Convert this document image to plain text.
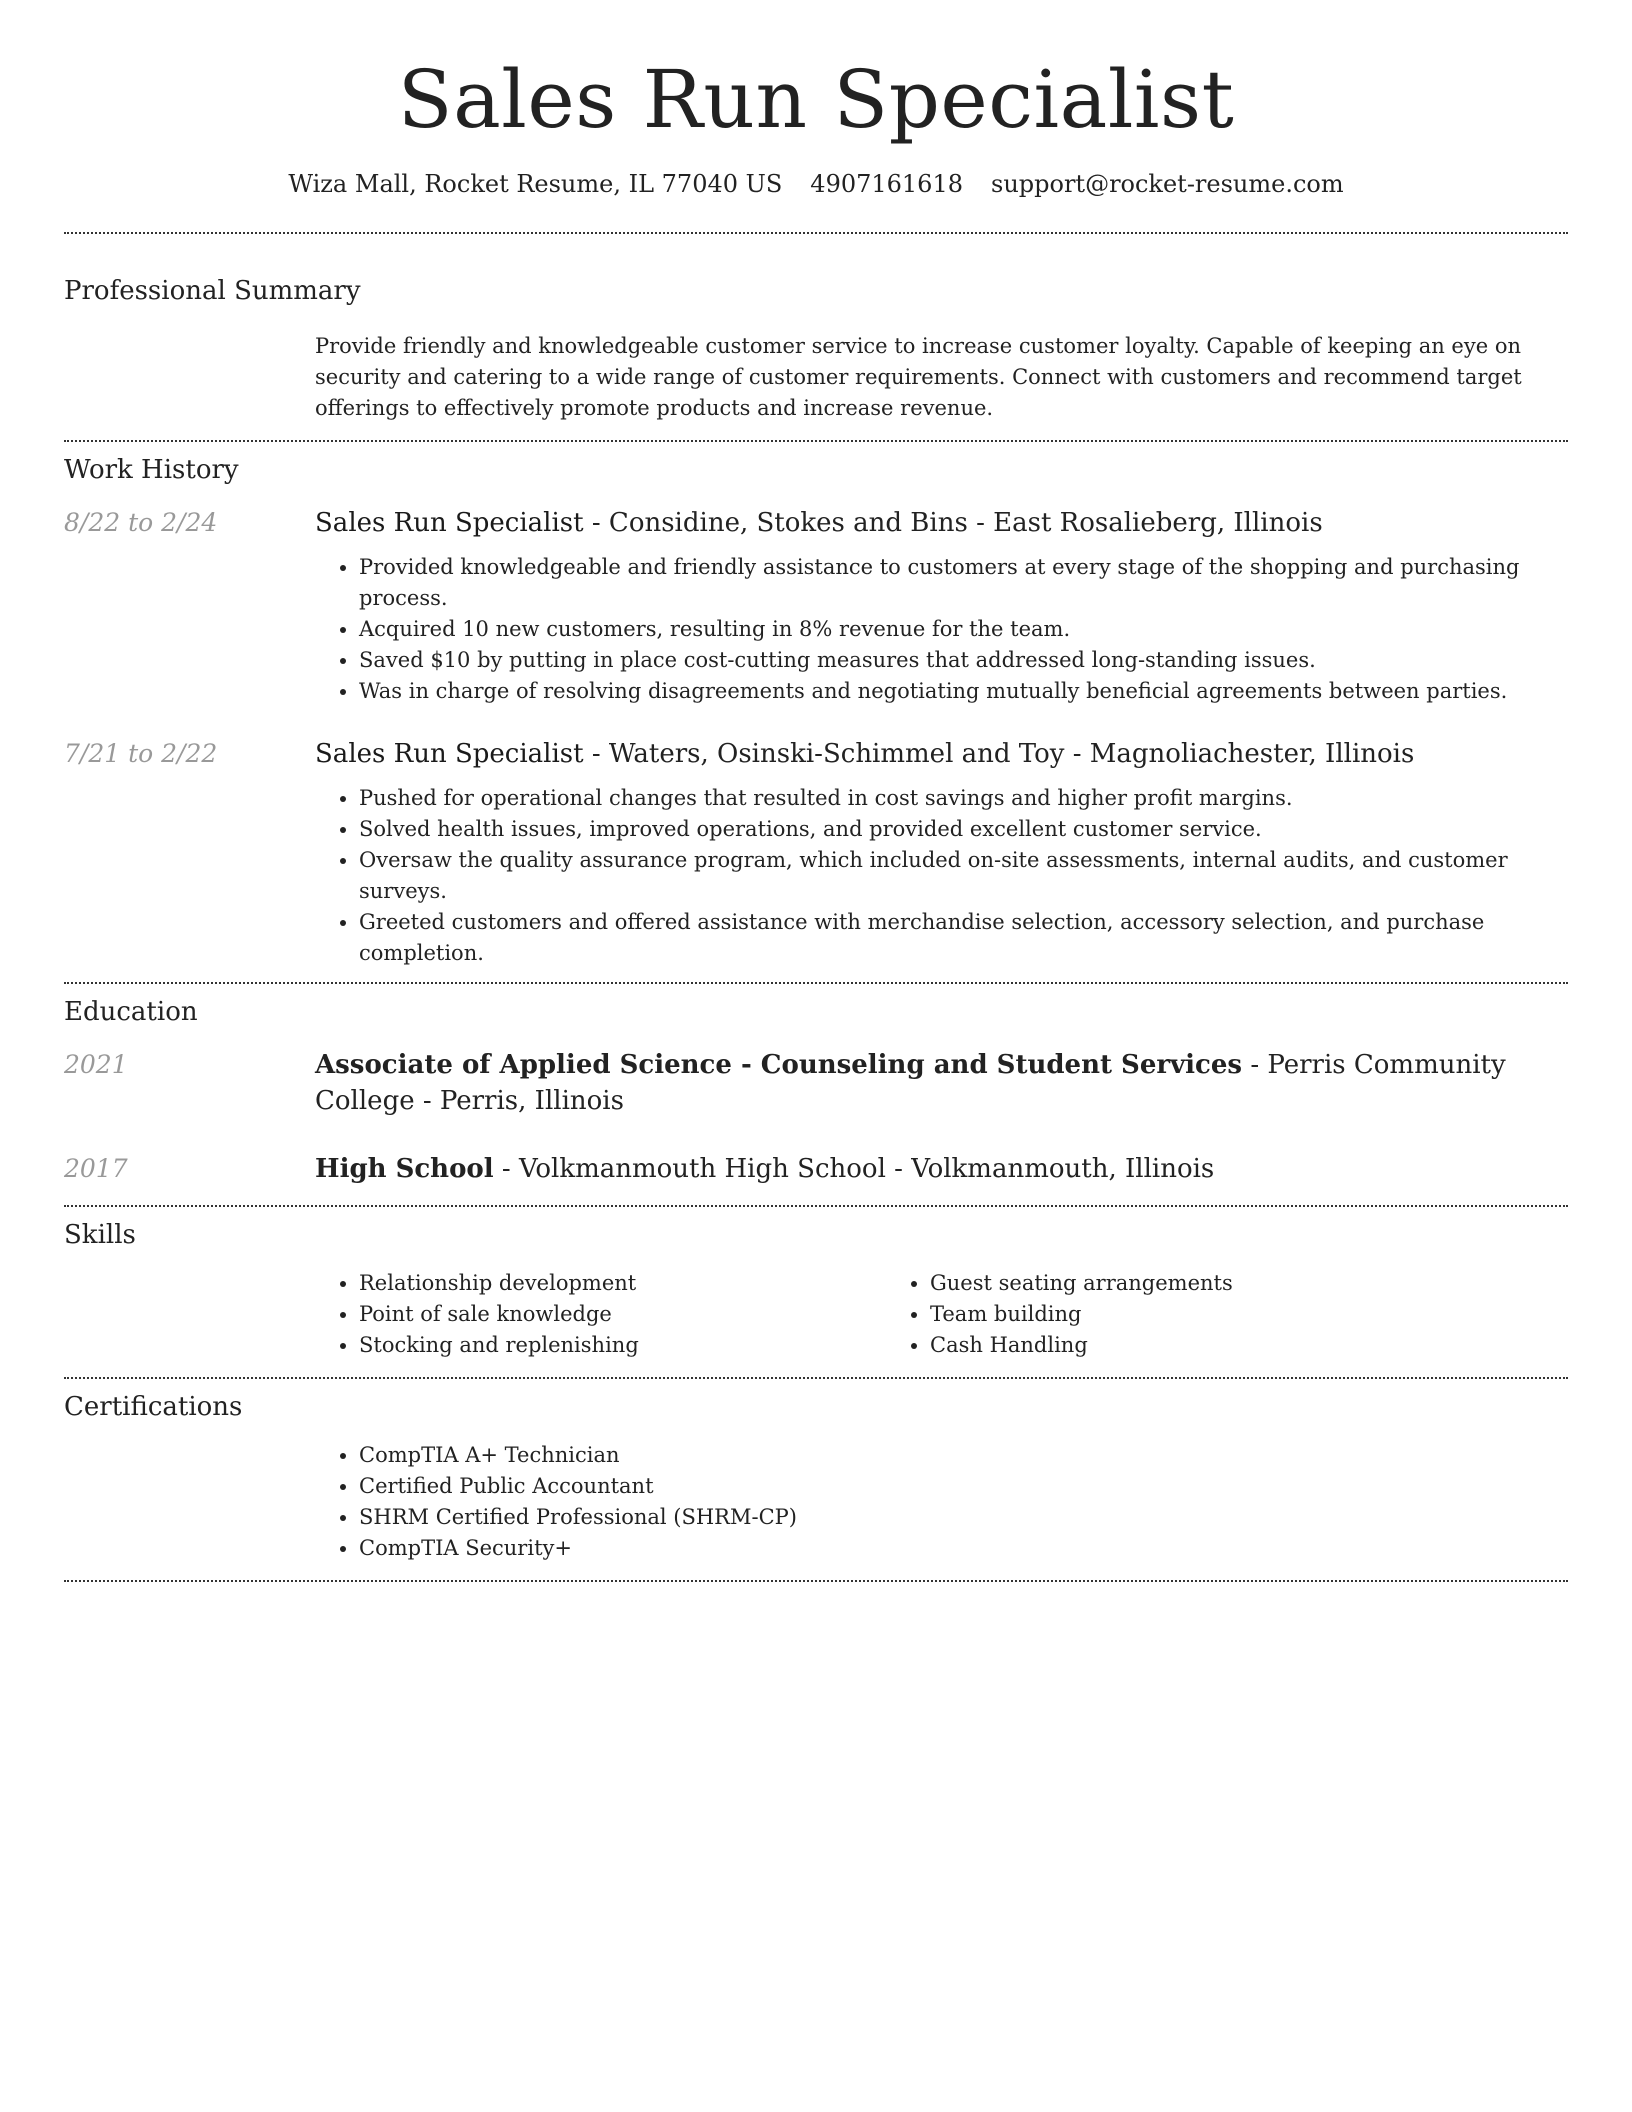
Sales Run Specialist
Wiza Mall, Rocket Resume, IL 77040 US 4907161618 support@rocket-resume.com
Professional Summary

Provide friendly and knowledgeable customer service to increase customer loyalty. Capable of keeping an eye on security and catering to a wide range of customer requirements. Connect with customers and recommend target offerings to effectively promote products and increase revenue.

Work History
8/22 to 2/24	Sales Run Specialist - Considine, Stokes and Bins - East Rosalieberg, Illinois
• Provided knowledgeable and friendly assistance to customers at every stage of the shopping and purchasing process.
• Acquired 10 new customers, resulting in 8% revenue for the team.
• Saved $10 by putting in place cost-cutting measures that addressed long-standing issues.
• Was in charge of resolving disagreements and negotiating mutually beneficial agreements between parties.
7/21 to 2/22	Sales Run Specialist - Waters, Osinski-Schimmel and Toy - Magnoliachester, Illinois
• Pushed for operational changes that resulted in cost savings and higher profit margins.
• Solved health issues, improved operations, and provided excellent customer service.
• Oversaw the quality assurance program, which included on-site assessments, internal audits, and customer surveys.
• Greeted customers and offered assistance with merchandise selection, accessory selection, and purchase completion.
Education
2021	Associate of Applied Science - Counseling and Student Services - Perris Community College - Perris, Illinois
2017	High School - Volkmanmouth High School - Volkmanmouth, Illinois
Skills
• Relationship development
• Point of sale knowledge
• Stocking and replenishing
• Guest seating arrangements
• Team building
• Cash Handling
Certifications
• CompTIA A+ Technician
• Certified Public Accountant
• SHRM Certified Professional (SHRM-CP)
• CompTIA Security+
